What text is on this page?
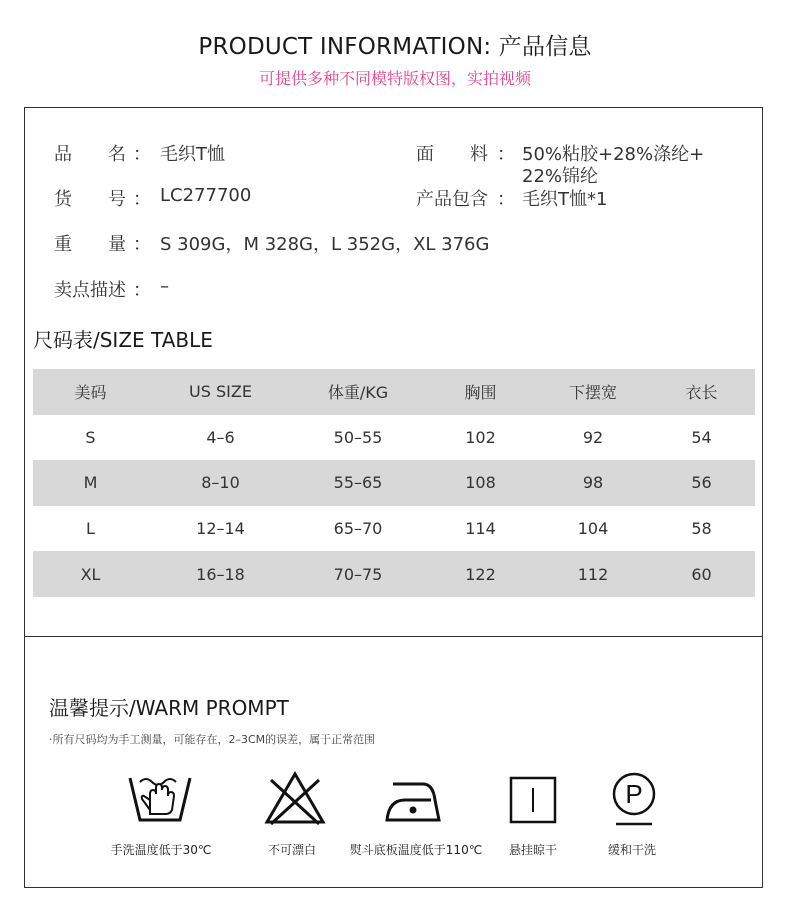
PRODUCT INFORMATION: 产品信息
可提供多种不同模特版权图，实拍视频
品　　名 ： 毛织T恤	面　　料 ： 50%粘胶+28%涤纶+
22%锦纶
货　　号 ： LC277700	产品包含 ： 毛织T恤*1
重　　量 ： S 309G，M 328G，L 352G，XL 376G
卖点描述 ： –
尺码表/SIZE TABLE
美码	US SIZE	体重/KG	胸围	下摆宽	衣长
S	4–6	50–55	102	92	54
M	8–10	55–65	108	98	56
L	12–14	65–70	114	104	58
XL	16–18	70–75	122	112	60
温馨提示/WARM PROMPT
·所有尺码均为手工测量，可能存在，2–3CM的误差，属于正常范围
P
手洗温度低于30℃	不可漂白	熨斗底板温度低于110℃	悬挂晾干	缓和干洗
